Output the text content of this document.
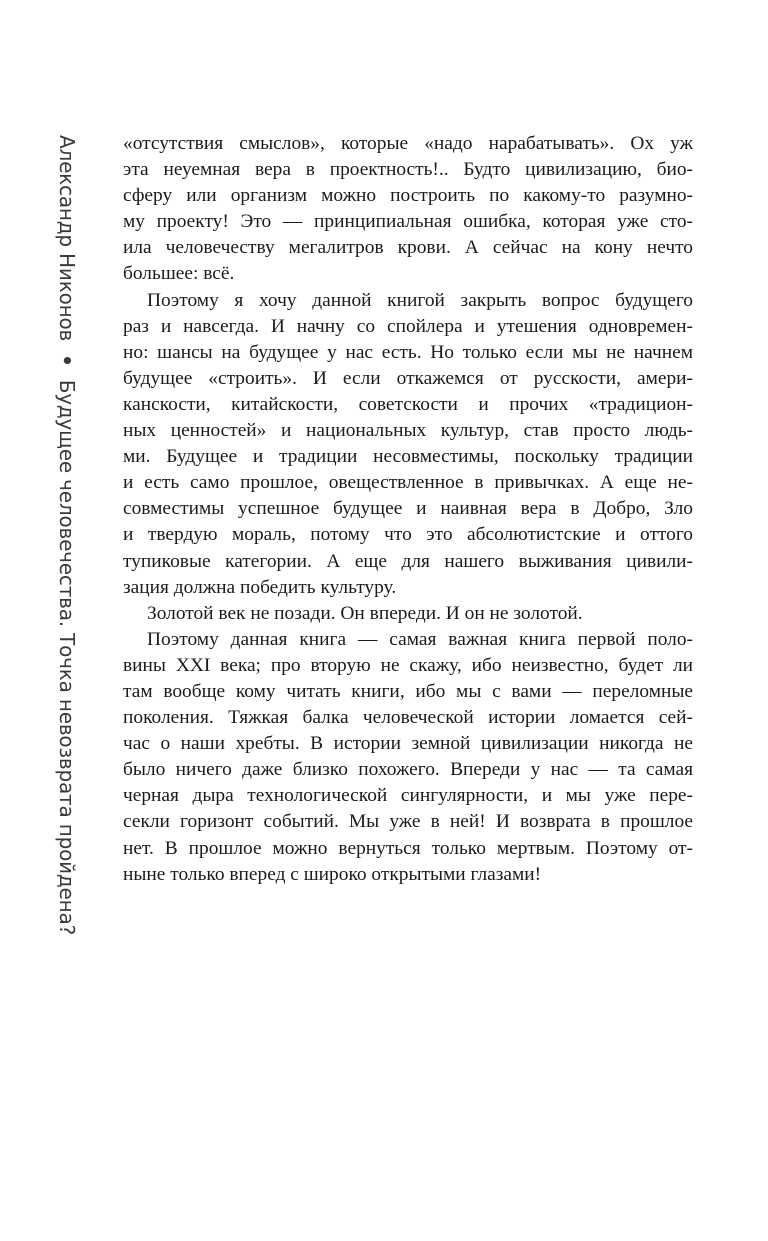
Александр Никонов•Будущее человечества. Точка невозврата пройдена?
«отсутствия смыслов», которые «надо нарабатывать». Ох уж
эта неуемная вера в проектность!.. Будто цивилизацию, био-
сферу или организм можно построить по какому-то разумно-
му проекту! Это — принципиальная ошибка, которая уже сто-
ила человечеству мегалитров крови. А сейчас на кону нечто
большее: всё.
Поэтому я хочу данной книгой закрыть вопрос будущего
раз и навсегда. И начну со спойлера и утешения одновремен-
но: шансы на будущее у нас есть. Но только если мы не начнем
будущее «строить». И если откажемся от русскости, амери-
канскости, китайскости, советскости и прочих «традицион-
ных ценностей» и национальных культур, став просто людь-
ми. Будущее и традиции несовместимы, поскольку традиции
и есть само прошлое, овеществленное в привычках. А еще не-
совместимы успешное будущее и наивная вера в Добро, Зло
и твердую мораль, потому что это абсолютистские и оттого
тупиковые категории. А еще для нашего выживания цивили-
зация должна победить культуру.
Золотой век не позади. Он впереди. И он не золотой.
Поэтому данная книга — самая важная книга первой поло-
вины XXI века; про вторую не скажу, ибо неизвестно, будет ли
там вообще кому читать книги, ибо мы с вами — переломные
поколения. Тяжкая балка человеческой истории ломается сей-
час о наши хребты. В истории земной цивилизации никогда не
было ничего даже близко похожего. Впереди у нас — та самая
черная дыра технологической сингулярности, и мы уже пере-
секли горизонт событий. Мы уже в ней! И возврата в прошлое
нет. В прошлое можно вернуться только мертвым. Поэтому от-
ныне только вперед с широко открытыми глазами!
